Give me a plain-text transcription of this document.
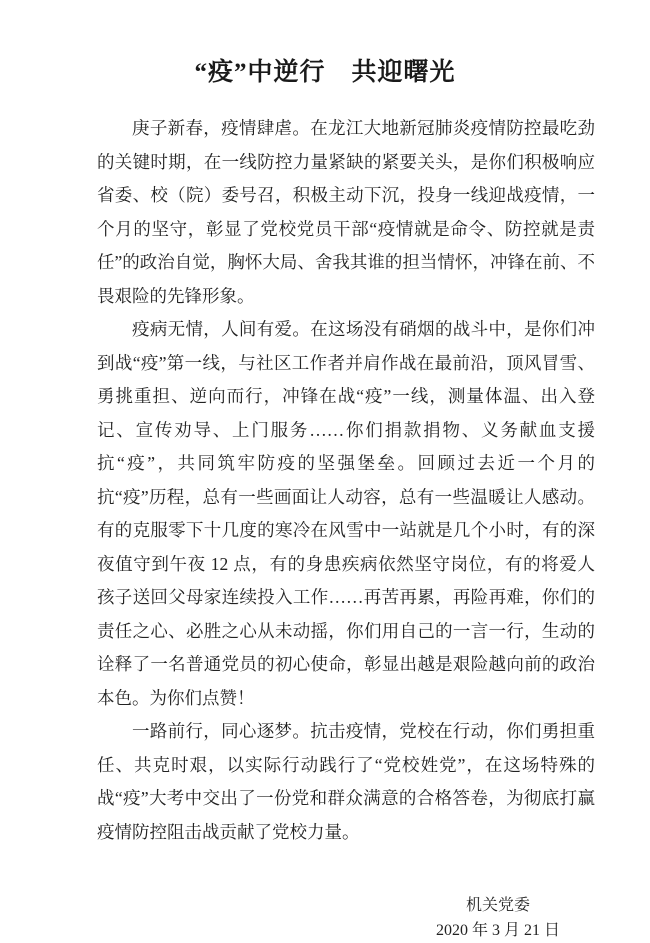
“疫”中逆行　共迎曙光

庚子新春，疫情肆虐。在龙江大地新冠肺炎疫情防控最吃劲的关键时期，在一线防控力量紧缺的紧要关头，是你们积极响应省委、校（院）委号召，积极主动下沉，投身一线迎战疫情，一个月的坚守，彰显了党校党员干部“疫情就是命令、防控就是责任”的政治自觉，胸怀大局、舍我其谁的担当情怀，冲锋在前、不畏艰险的先锋形象。

疫病无情，人间有爱。在这场没有硝烟的战斗中，是你们冲到战“疫”第一线，与社区工作者并肩作战在最前沿，顶风冒雪、勇挑重担、逆向而行，冲锋在战“疫”一线，测量体温、出入登记、宣传劝导、上门服务……你们捐款捐物、义务献血支援抗“疫”，共同筑牢防疫的坚强堡垒。回顾过去近一个月的抗“疫”历程，总有一些画面让人动容，总有一些温暖让人感动。有的克服零下十几度的寒冷在风雪中一站就是几个小时，有的深夜值守到午夜 12 点，有的身患疾病依然坚守岗位，有的将爱人孩子送回父母家连续投入工作……再苦再累，再险再难，你们的责任之心、必胜之心从未动摇，你们用自己的一言一行，生动的诠释了一名普通党员的初心使命，彰显出越是艰险越向前的政治本色。为你们点赞！

一路前行，同心逐梦。抗击疫情，党校在行动，你们勇担重任、共克时艰，以实际行动践行了“党校姓党”，在这场特殊的战“疫”大考中交出了一份党和群众满意的合格答卷，为彻底打赢疫情防控阻击战贡献了党校力量。

机关党委
2020 年 3 月 21 日
